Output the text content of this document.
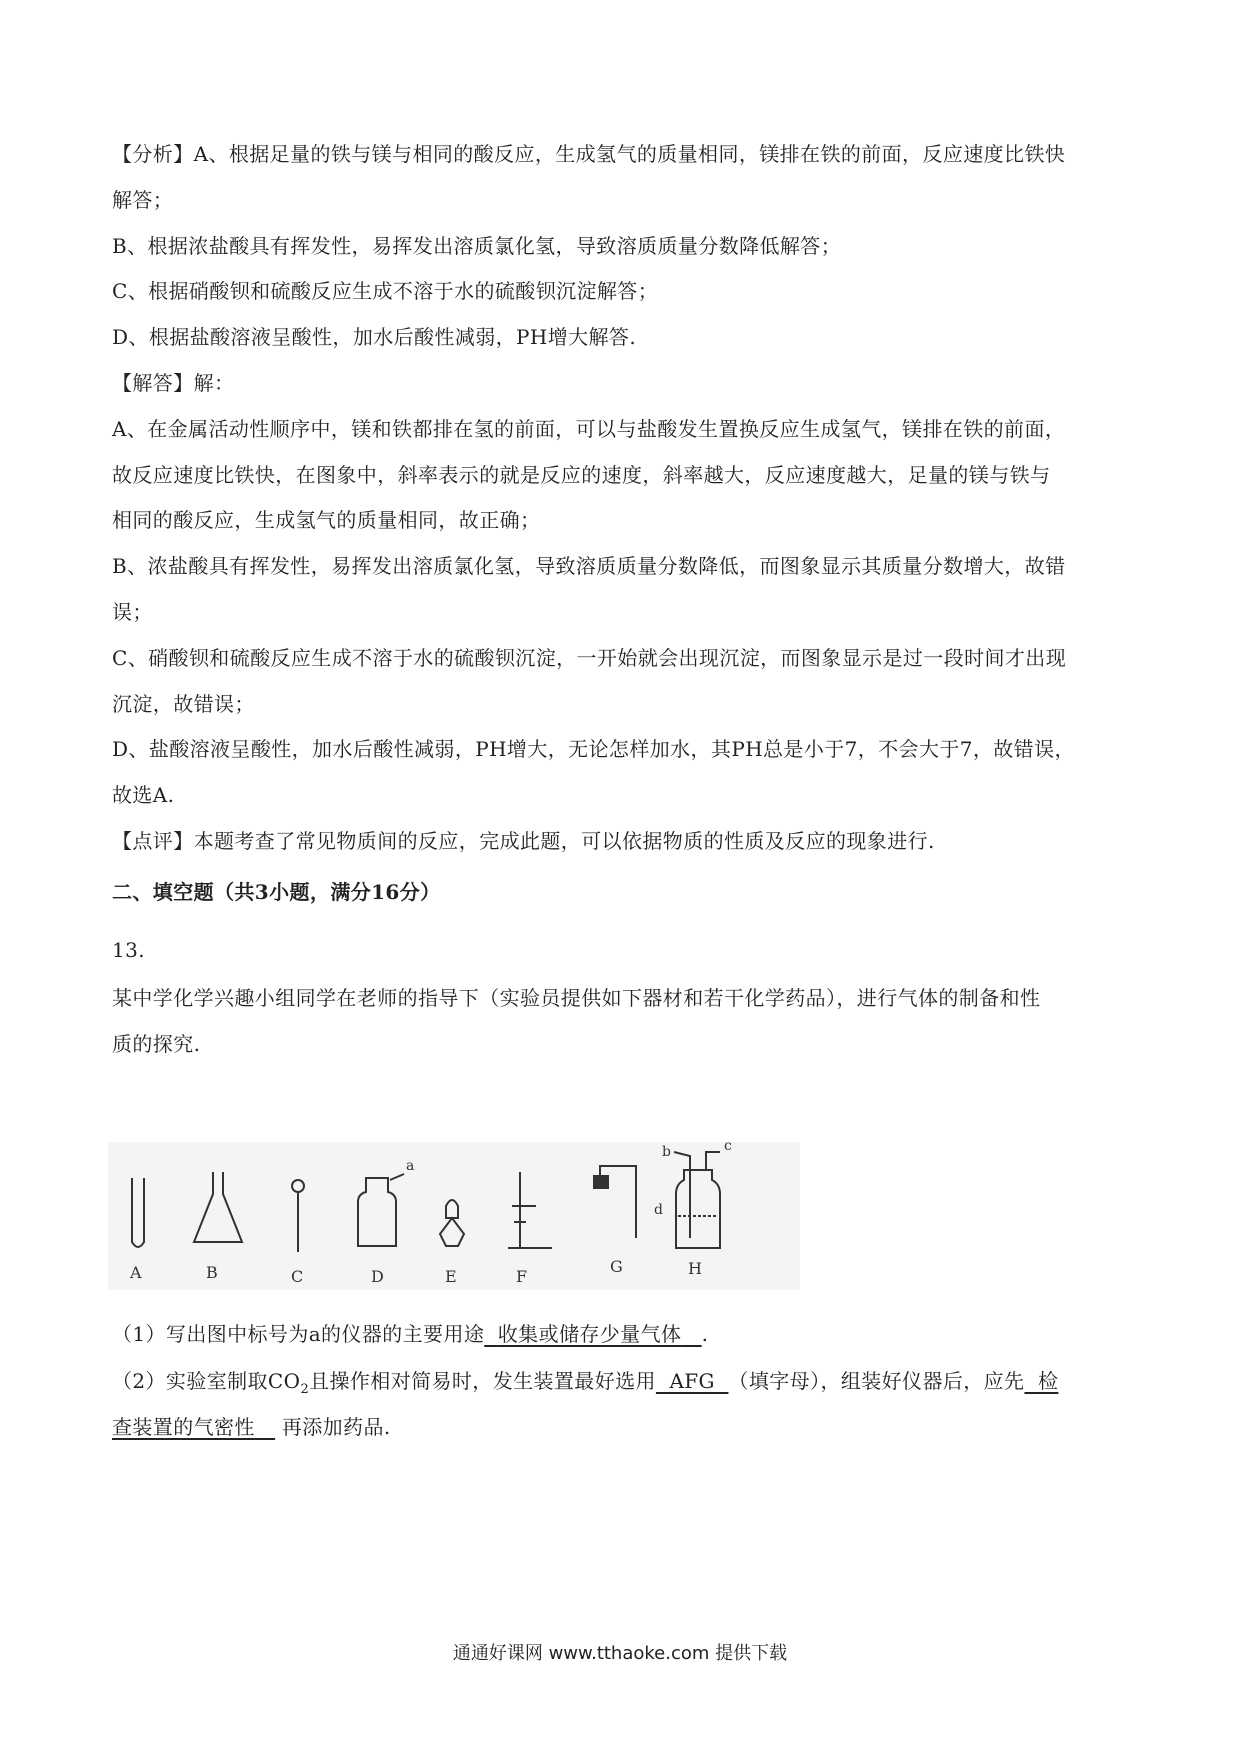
【分析】A、根据足量的铁与镁与相同的酸反应，生成氢气的质量相同，镁排在铁的前面，反应速度比铁快
解答；
B、根据浓盐酸具有挥发性，易挥发出溶质氯化氢，导致溶质质量分数降低解答；
C、根据硝酸钡和硫酸反应生成不溶于水的硫酸钡沉淀解答；
D、根据盐酸溶液呈酸性，加水后酸性减弱，PH增大解答.
【解答】解：
A、在金属活动性顺序中，镁和铁都排在氢的前面，可以与盐酸发生置换反应生成氢气，镁排在铁的前面，
故反应速度比铁快，在图象中，斜率表示的就是反应的速度，斜率越大，反应速度越大，足量的镁与铁与
相同的酸反应，生成氢气的质量相同，故正确；
B、浓盐酸具有挥发性，易挥发出溶质氯化氢，导致溶质质量分数降低，而图象显示其质量分数增大，故错
误；
C、硝酸钡和硫酸反应生成不溶于水的硫酸钡沉淀，一开始就会出现沉淀，而图象显示是过一段时间才出现
沉淀，故错误；
D、盐酸溶液呈酸性，加水后酸性减弱，PH增大，无论怎样加水，其PH总是小于7，不会大于7，故错误，
故选A.
【点评】本题考查了常见物质间的反应，完成此题，可以依据物质的性质及反应的现象进行.
二、填空题（共3小题，满分16分）
13.
某中学化学兴趣小组同学在老师的指导下（实验员提供如下器材和若干化学药品），进行气体的制备和性
质的探究.
A	B	C	D	E	F
G	H
a
b	c
d
（1）写出图中标号为a的仪器的主要用途 收集或储存少量气体 .
（2）实验室制取$CO_2$且操作相对简易时，发生装置最好选用 AFG （填字母），组装好仪器后，应先 检
查装置的气密性 再添加药品.
通通好课网 www.tthaoke.com 提供下载
